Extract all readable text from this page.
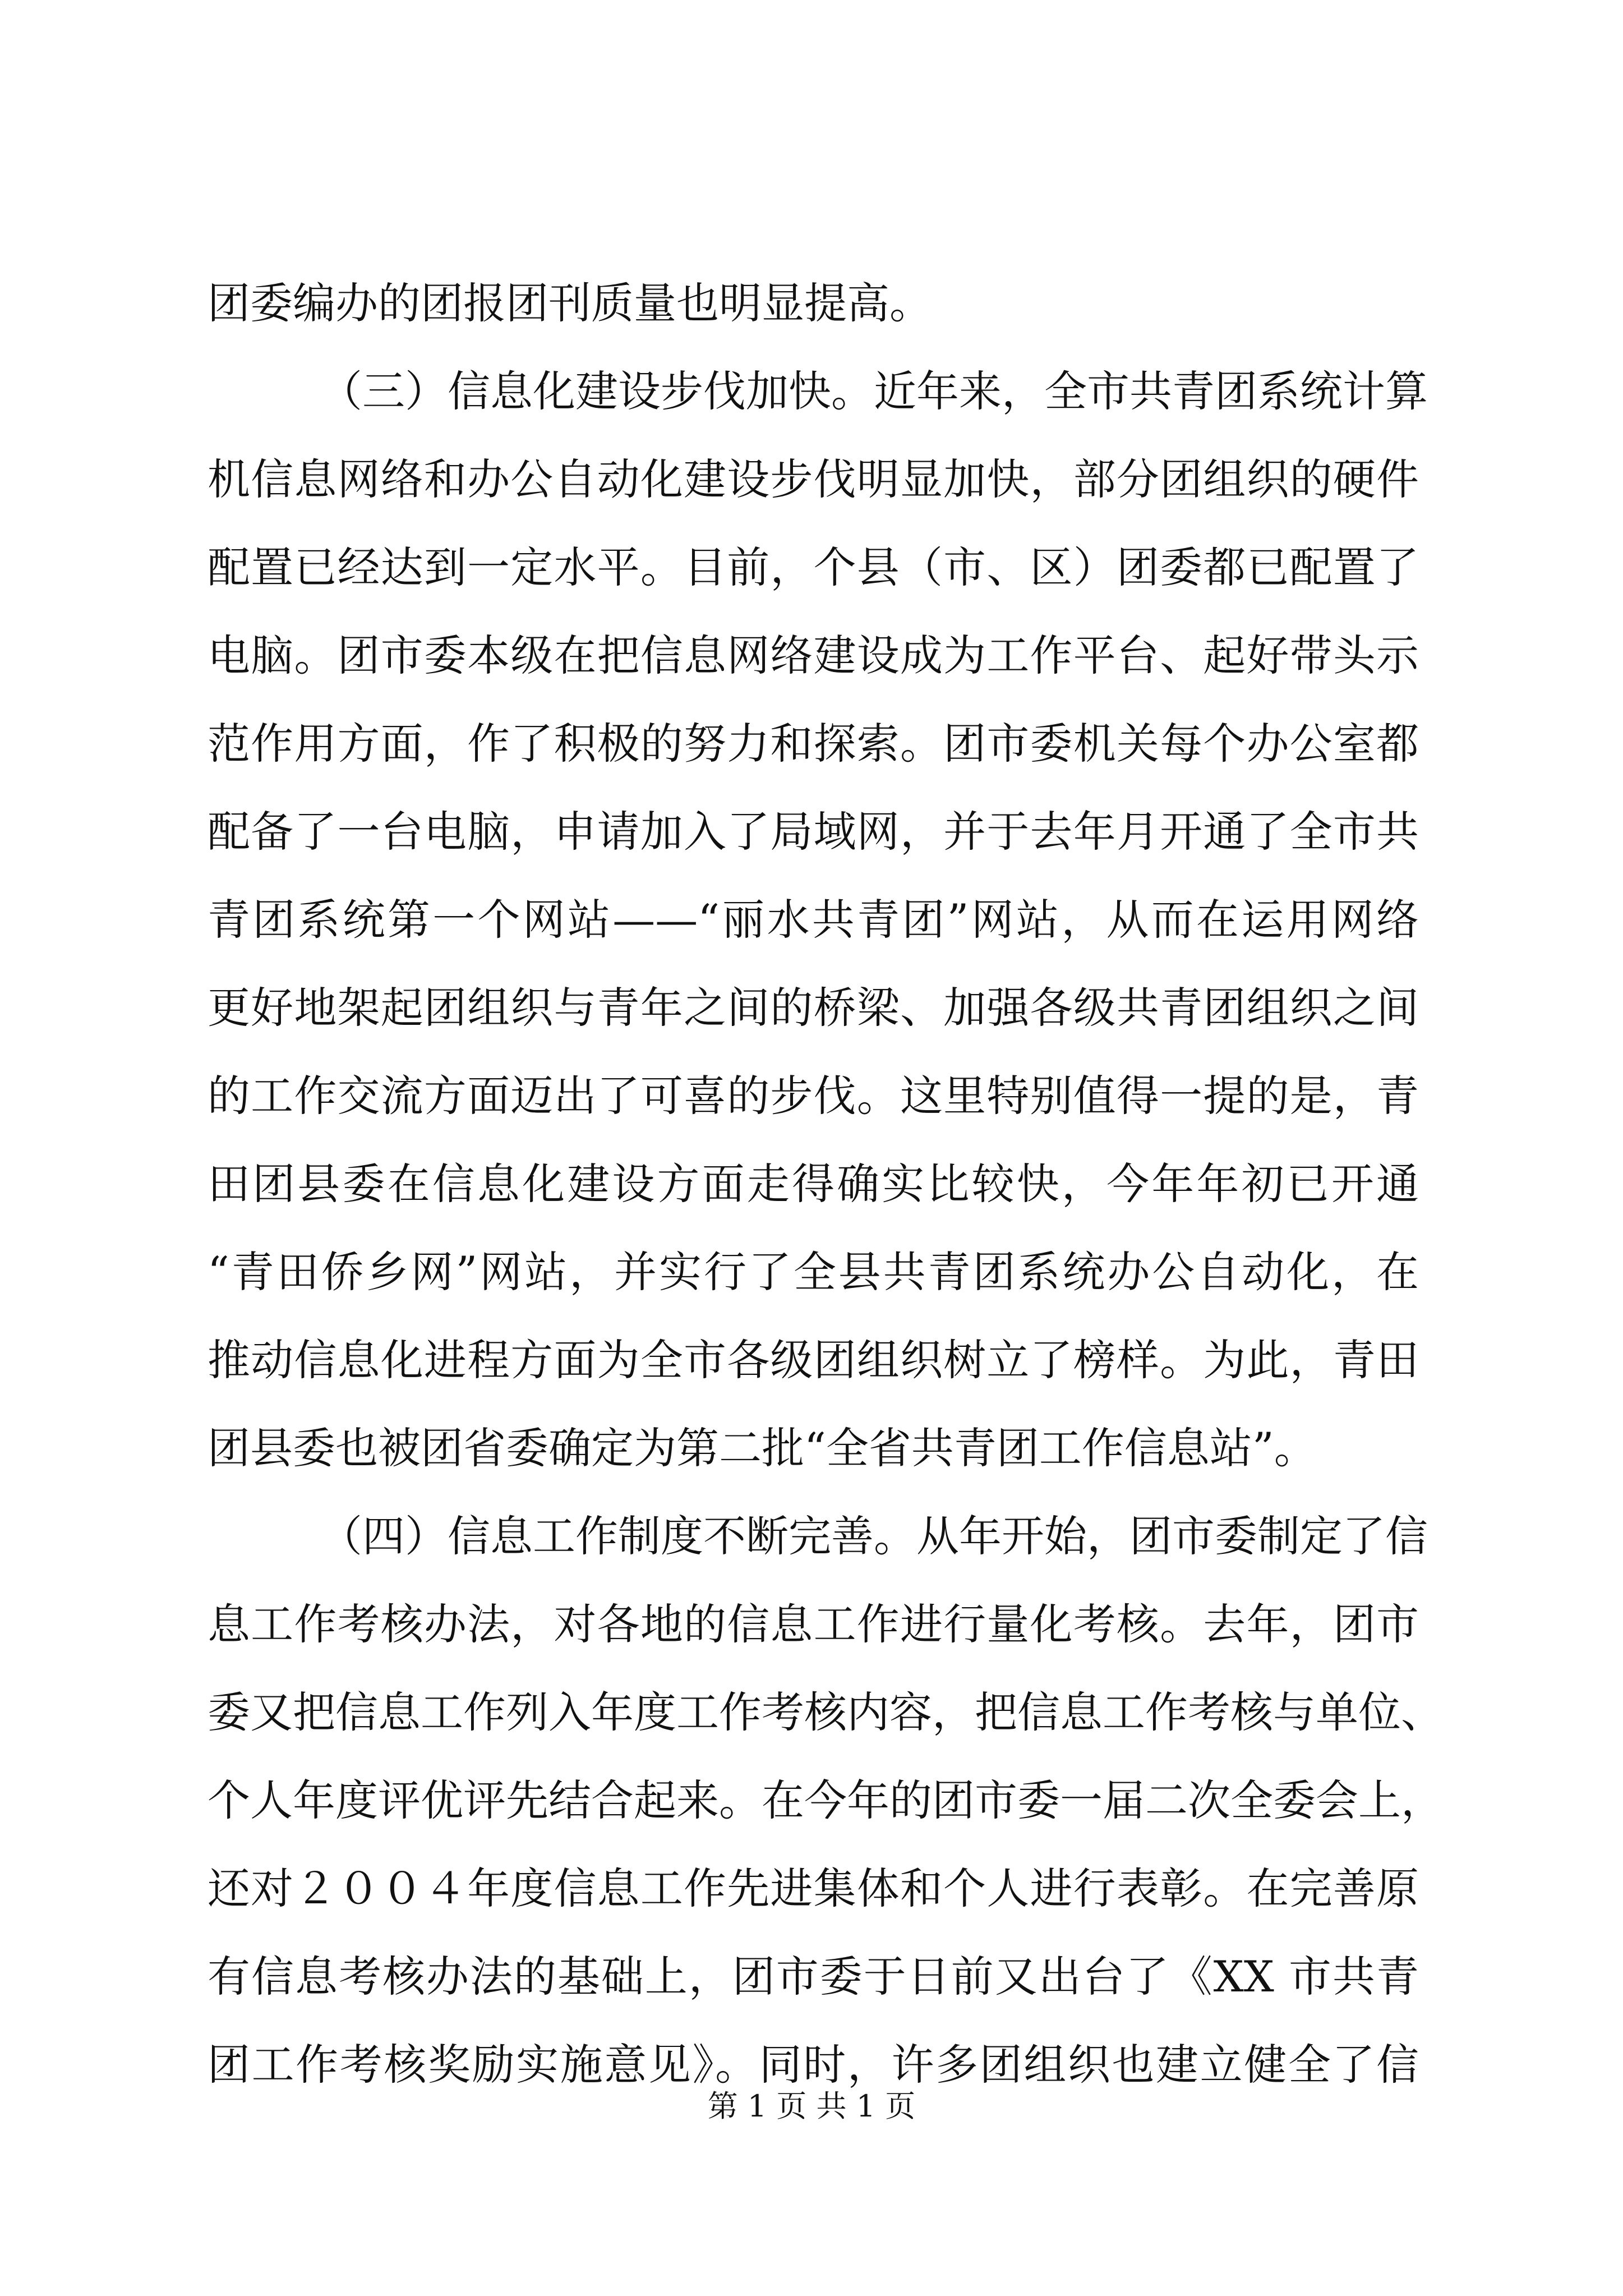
团委编办的团报团刊质量也明显提高。
（三）信息化建设步伐加快。近年来，全市共青团系统计算
机信息网络和办公自动化建设步伐明显加快，部分团组织的硬件
配置已经达到一定水平。目前，个县（市、区）团委都已配置了
电脑。团市委本级在把信息网络建设成为工作平台、起好带头示
范作用方面，作了积极的努力和探索。团市委机关每个办公室都
配备了一台电脑，申请加入了局域网，并于去年月开通了全市共
青团系统第一个网站——“丽水共青团”网站，从而在运用网络
更好地架起团组织与青年之间的桥梁、加强各级共青团组织之间
的工作交流方面迈出了可喜的步伐。这里特别值得一提的是，青
田团县委在信息化建设方面走得确实比较快，今年年初已开通
“青田侨乡网”网站，并实行了全县共青团系统办公自动化，在
推动信息化进程方面为全市各级团组织树立了榜样。为此，青田
团县委也被团省委确定为第二批“全省共青团工作信息站”。
（四）信息工作制度不断完善。从年开始，团市委制定了信
息工作考核办法，对各地的信息工作进行量化考核。去年，团市
委又把信息工作列入年度工作考核内容，把信息工作考核与单位、
个人年度评优评先结合起来。在今年的团市委一届二次全委会上，
还对２００４年度信息工作先进集体和个人进行表彰。在完善原
有信息考核办法的基础上，团市委于日前又出台了《XX 市共青
团工作考核奖励实施意见》。同时，许多团组织也建立健全了信
第 1 页 共 1 页
